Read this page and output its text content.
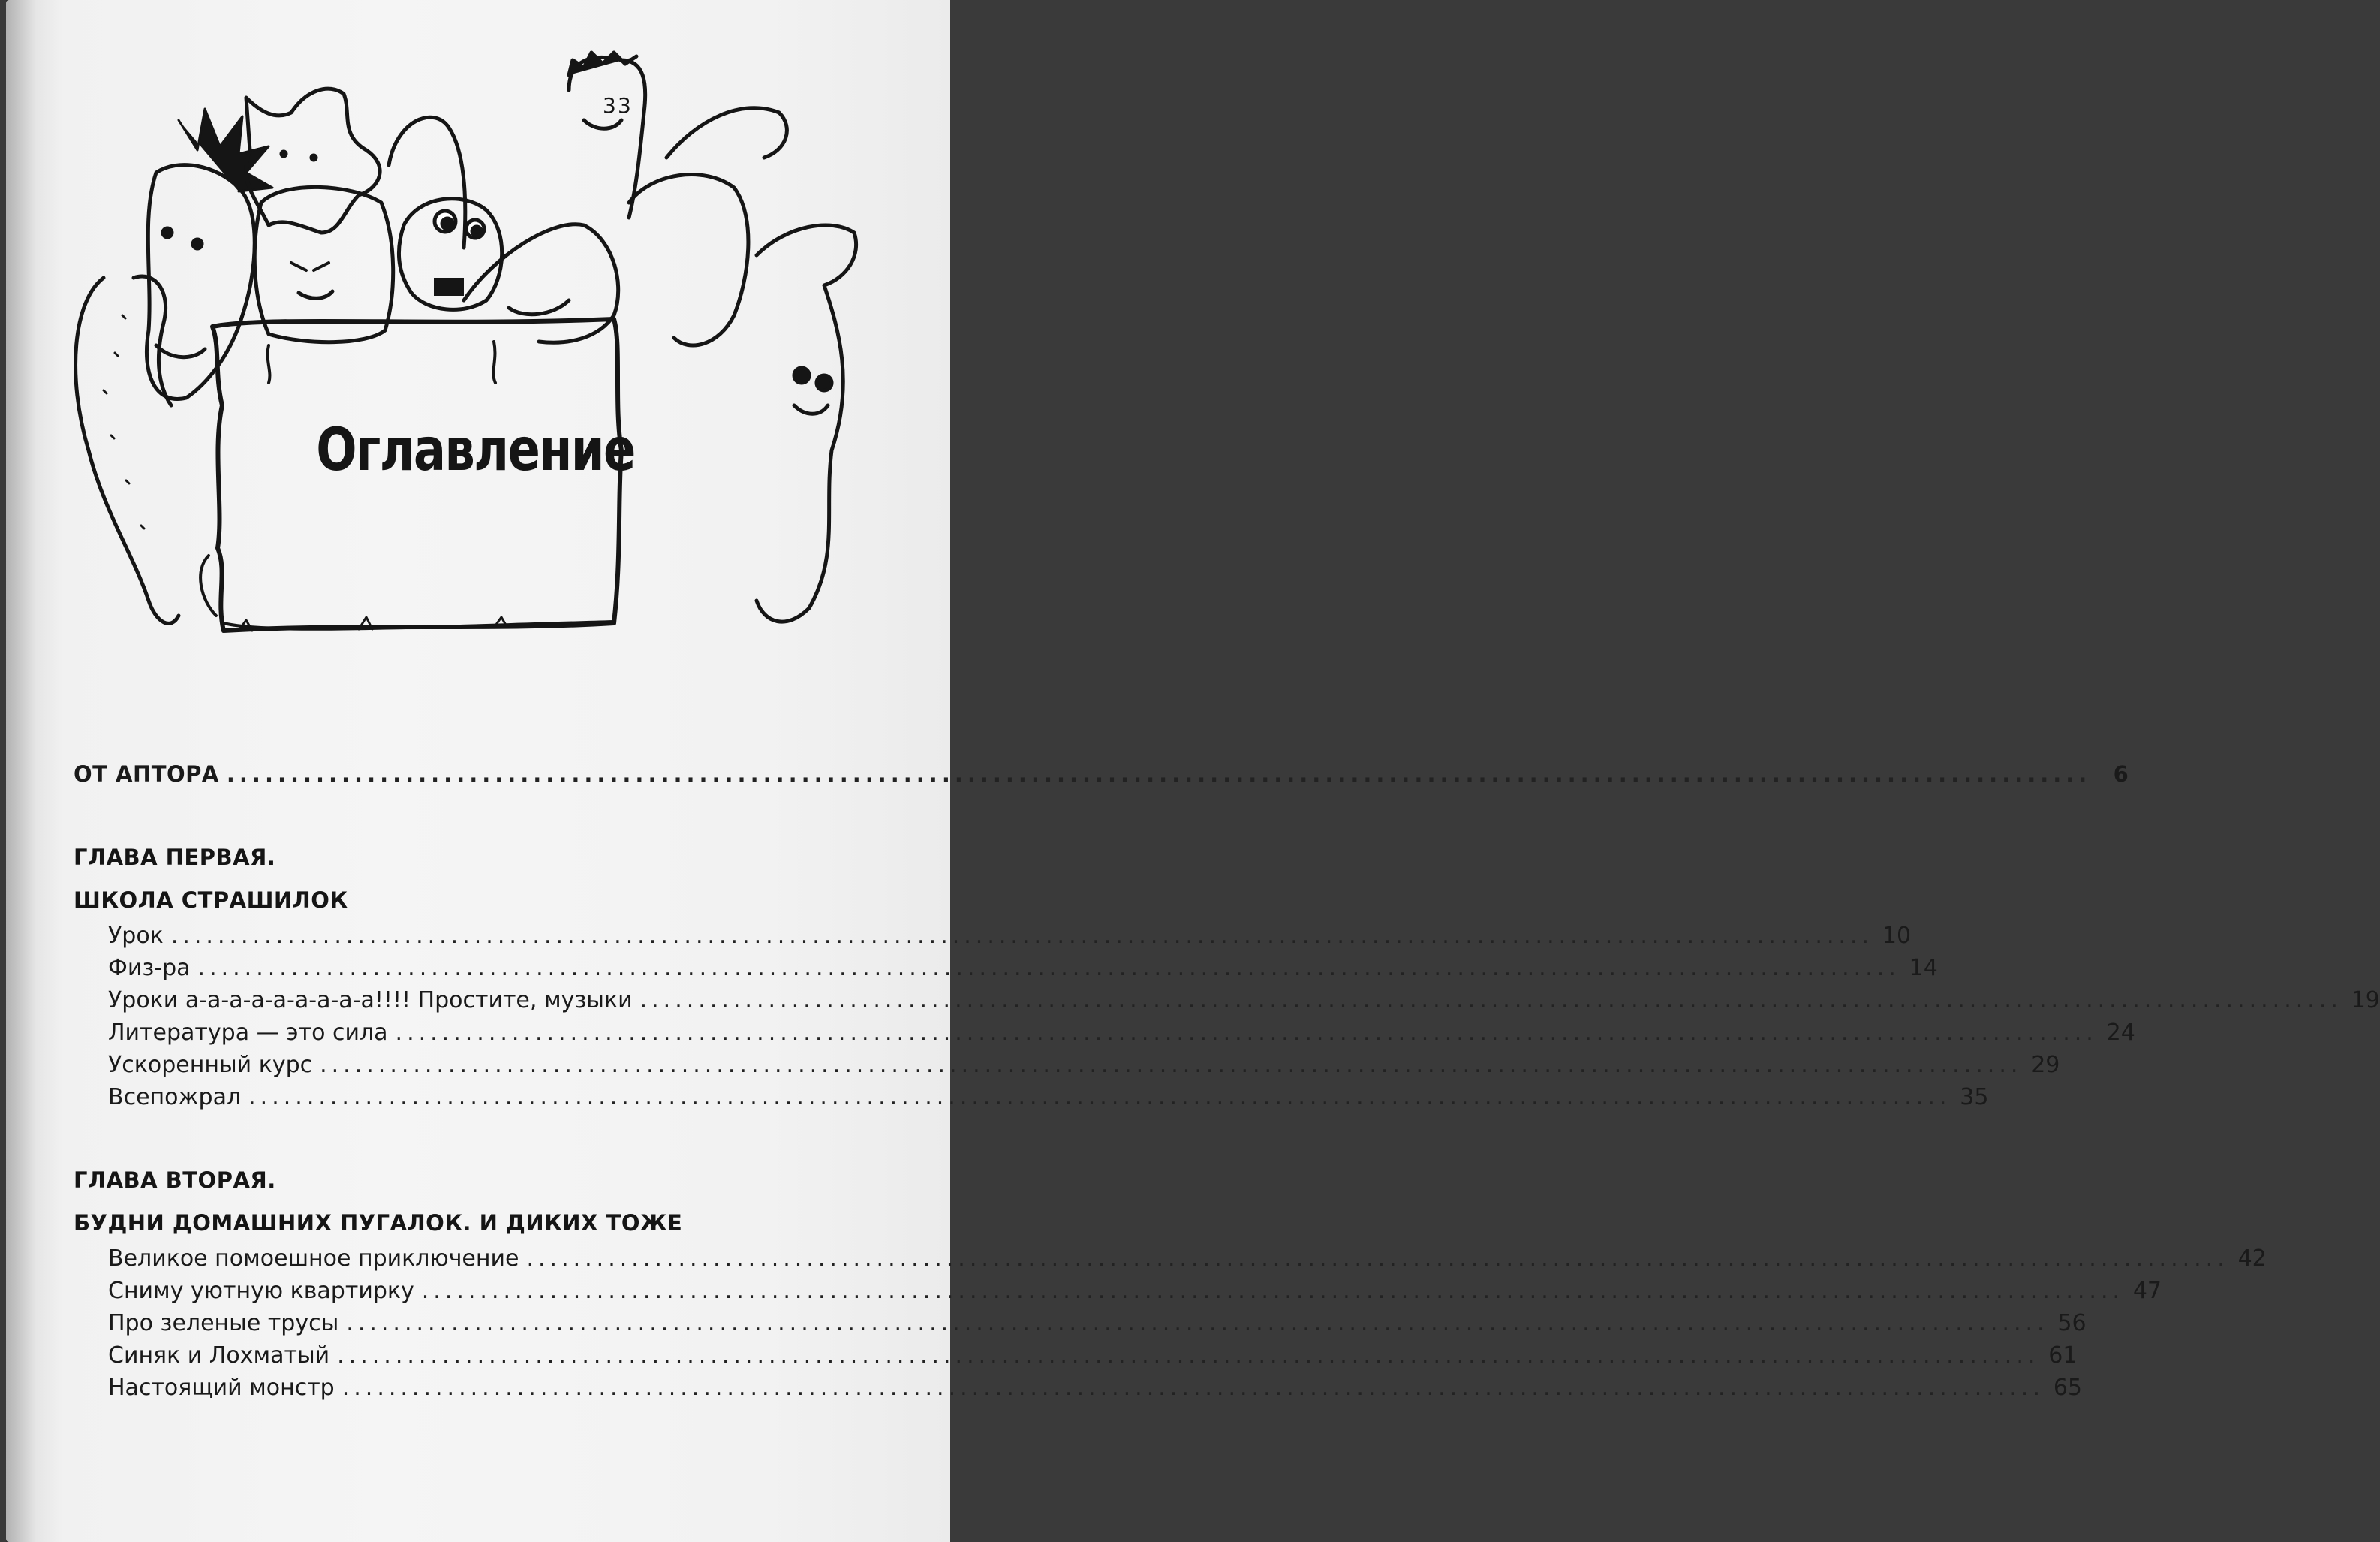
3 3
Оглавление
ОТ АПТОРА ..................................................................................................................................................	6
ГЛАВА ПЕРВАЯ.
ШКОЛА СТРАШИЛОК
Урок .................................................................................................................................................. 10
Физ-ра .................................................................................................................................................. 14
Уроки а-а-а-а-а-а-а-а-а!!!! Простите, музыки .................................................................................................................................................. 19
Литература — это сила .................................................................................................................................................. 24
Ускоренный курс .................................................................................................................................................. 29
Всепожрал .................................................................................................................................................. 35
ГЛАВА ВТОРАЯ.
БУДНИ ДОМАШНИХ ПУГАЛОК. И ДИКИХ ТОЖЕ
Великое помоешное приключение .................................................................................................................................................. 42
Сниму уютную квартирку .................................................................................................................................................. 47
Про зеленые трусы .................................................................................................................................................. 56
Синяк и Лохматый .................................................................................................................................................. 61
Настоящий монстр .................................................................................................................................................. 65
